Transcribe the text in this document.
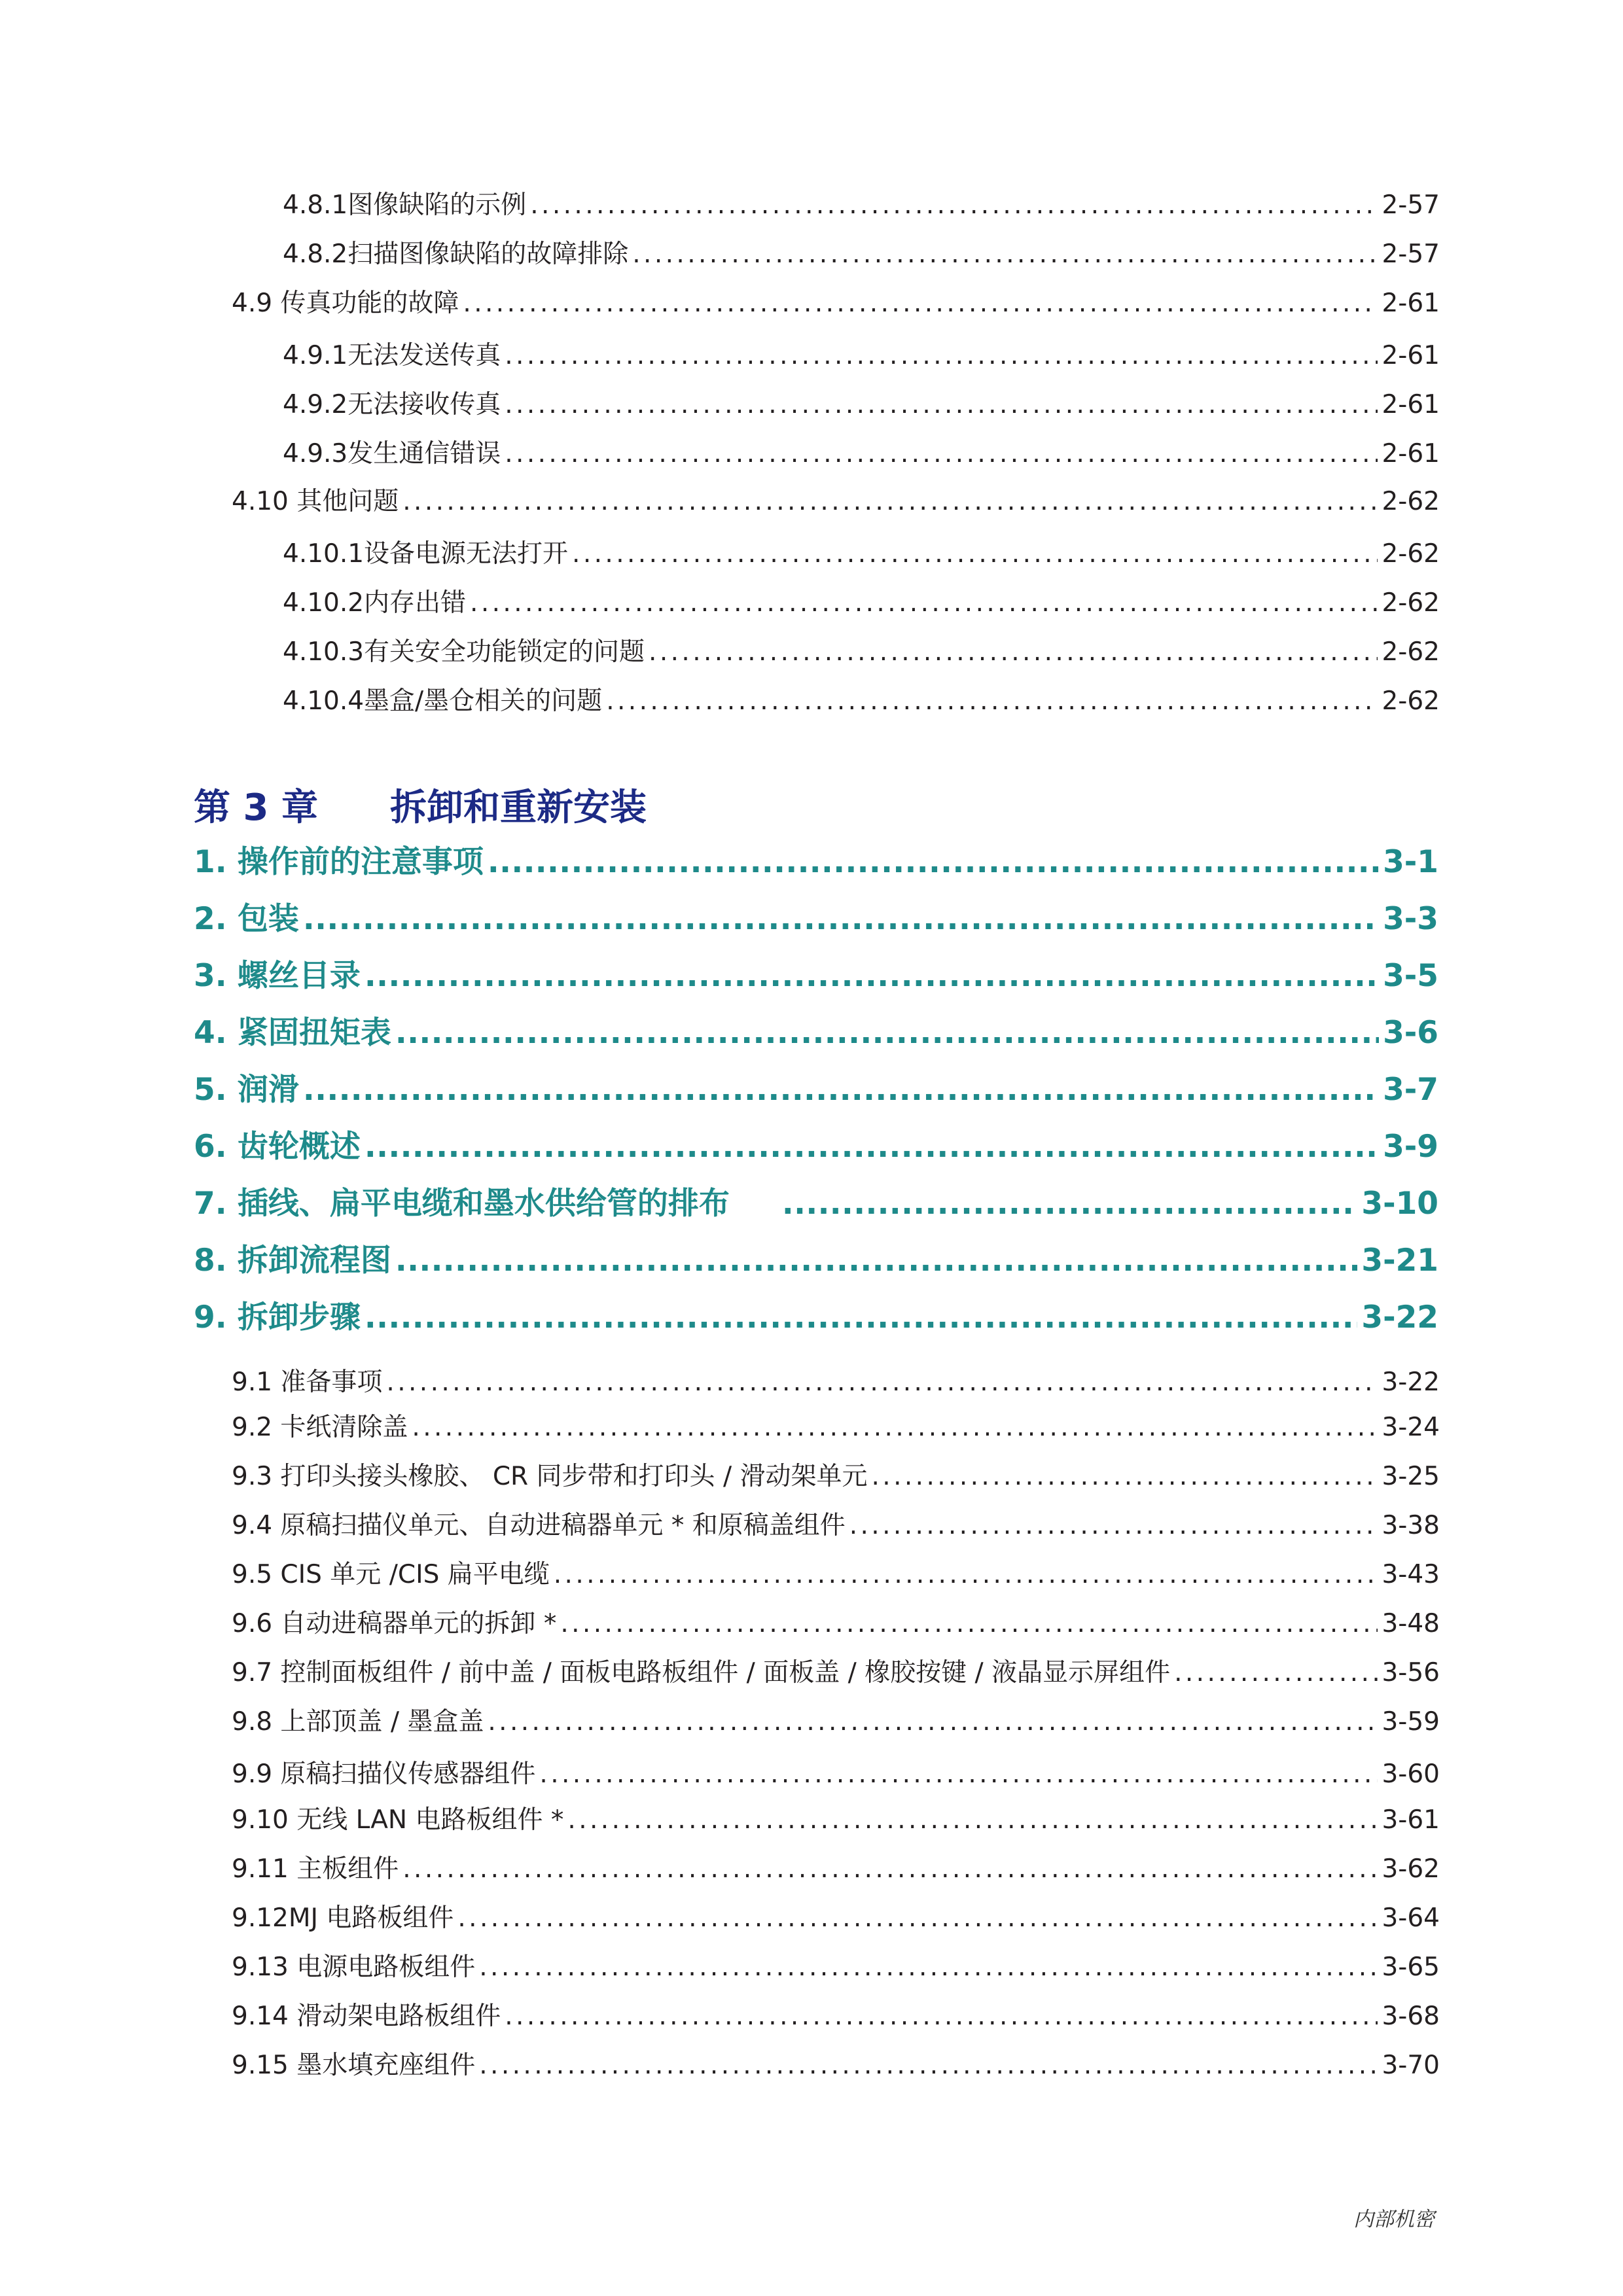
4.8.1图像缺陷的示例 . . .	2-57
4.8.2扫描图像缺陷的故障排除 . . .	2-57
4.9 传真功能的故障 . . .	2-61
4.9.1无法发送传真 . . .	2-61
4.9.2无法接收传真 . . .	2-61
4.9.3发生通信错误 . . .	2-61
4.10 其他问题 . . .	2-62
4.10.1设备电源无法打开 . . .	2-62
4.10.2内存出错 . . .	2-62
4.10.3有关安全功能锁定的问题 . . .	2-62
4.10.4墨盒/墨仓相关的问题 . . .	2-62
第 3 章 拆卸和重新安装
1. 操作前的注意事项 . . .	3-1
2. 包装 . . .	3-3
3. 螺丝目录 . . .	3-5
4. 紧固扭矩表 . . .	3-6
5. 润滑 . . .	3-7
6. 齿轮概述 . . .	3-9
7. 插线、扁平电缆和墨水供给管的排布 . . .	3-10
8. 拆卸流程图 . . .	3-21
9. 拆卸步骤 . . .	3-22
9.1 准备事项 . . .	3-22
9.2 卡纸清除盖 . . .	3-24
9.3 打印头接头橡胶、 CR 同步带和打印头 / 滑动架单元 . . .	3-25
9.4 原稿扫描仪单元、自动进稿器单元 * 和原稿盖组件 . . .	3-38
9.5 CIS 单元 /CIS 扁平电缆 . . .	3-43
9.6 自动进稿器单元的拆卸 * . . .	3-48
9.7 控制面板组件 / 前中盖 / 面板电路板组件 / 面板盖 / 橡胶按键 / 液晶显示屏组件 . . .	3-56
9.8 上部顶盖 / 墨盒盖 . . .	3-59
9.9 原稿扫描仪传感器组件 . . .	3-60
9.10 无线 LAN 电路板组件 * . . .	3-61
9.11 主板组件 . . .	3-62
9.12MJ 电路板组件 . . .	3-64
9.13 电源电路板组件 . . .	3-65
9.14 滑动架电路板组件 . . .	3-68
9.15 墨水填充座组件 . . .	3-70
内部机密
